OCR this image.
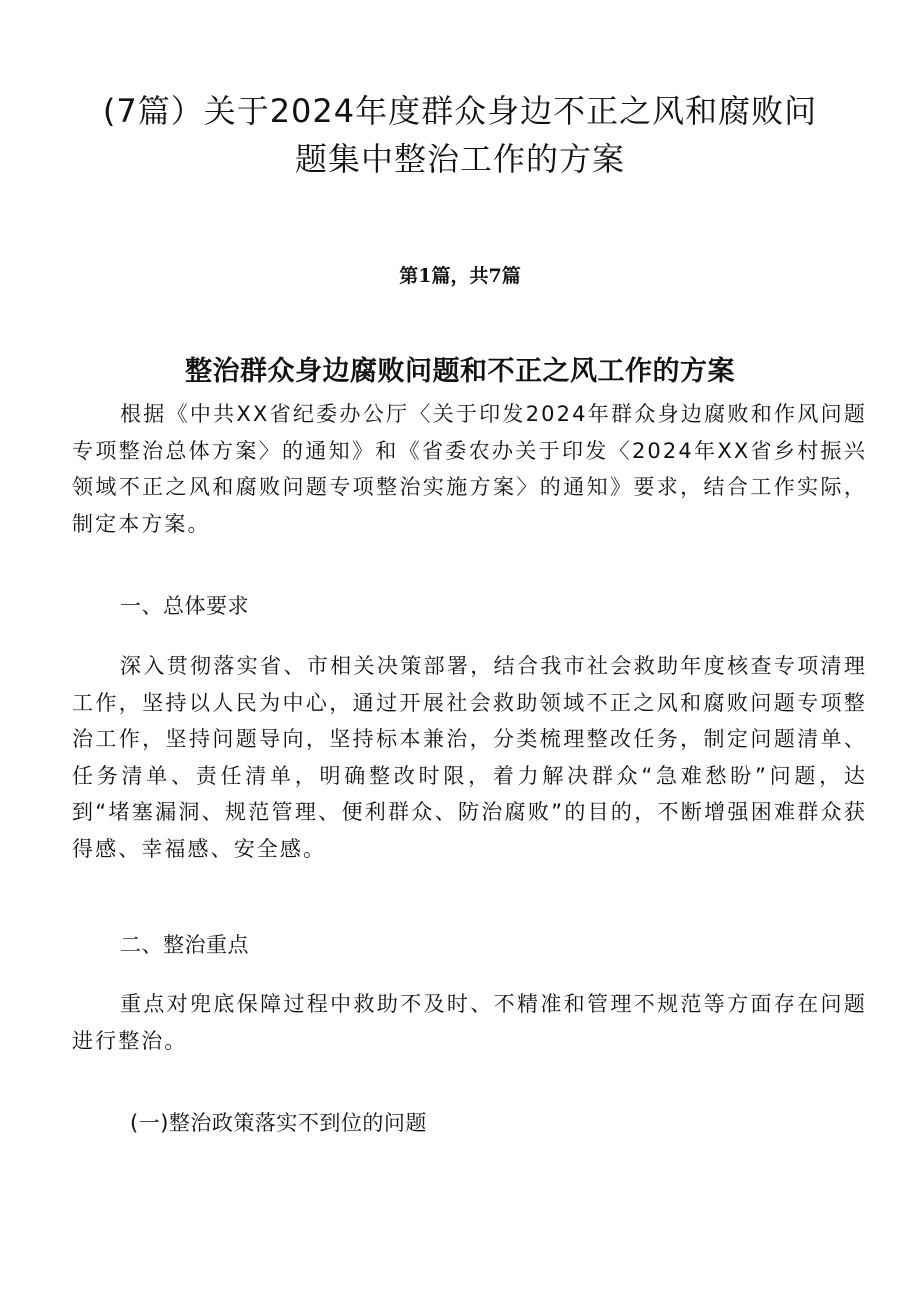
(7篇）关于2024年度群众身边不正之风和腐败问
题集中整治工作的方案
第1篇，共7篇
整治群众身边腐败问题和不正之风工作的方案

根据《中共XX省纪委办公厅〈关于印发2024年群众身边腐败和作风问题专项整治总体方案〉的通知》和《省委农办关于印发〈2024年XX省乡村振兴领域不正之风和腐败问题专项整治实施方案〉的通知》要求，结合工作实际，制定本方案。

一、总体要求

深入贯彻落实省、市相关决策部署，结合我市社会救助年度核查专项清理工作，坚持以人民为中心，通过开展社会救助领域不正之风和腐败问题专项整治工作，坚持问题导向，坚持标本兼治，分类梳理整改任务，制定问题清单、任务清单、责任清单，明确整改时限，着力解决群众“急难愁盼”问题，达到“堵塞漏洞、规范管理、便利群众、防治腐败”的目的，不断增强困难群众获得感、幸福感、安全感。

二、整治重点

重点对兜底保障过程中救助不及时、不精准和管理不规范等方面存在问题进行整治。

(一)整治政策落实不到位的问题
